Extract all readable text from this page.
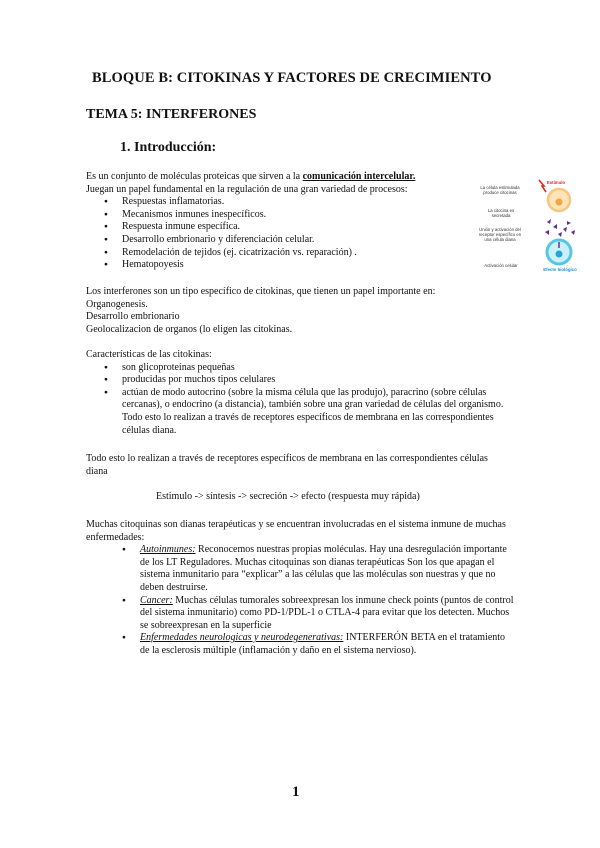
BLOQUE B: CITOKINAS Y FACTORES DE CRECIMIENTO
TEMA 5: INTERFERONES
1. Introducción:
Es un conjunto de moléculas proteicas que sirven a la comunicación intercelular.
Juegan un papel fundamental en la regulación de una gran variedad de procesos:
● Respuestas inflamatorias.
● Mecanismos inmunes inespecíficos.
● Respuesta inmune específica.
● Desarrollo embrionario y diferenciación celular.
● Remodelación de tejidos (ej. cicatrización vs. reparación) .
● Hematopoyesis
La célula estimulada produce citocinas
La citocina es secretada
Unión y activación del receptor específico en una célula diana
Activación celular
Estímulo
Efecto biológico
Los interferones son un tipo específico de citokinas, que tienen un papel importante en:
Organogenesis.
Desarrollo embrionario
Geolocalizacion de organos (lo eligen las citokinas.
Características de las citokinas:
● son glicoproteínas pequeñas
● producidas por muchos tipos celulares
● actúan de modo autocrino (sobre la misma célula que las produjo), paracrino (sobre células cercanas), o endocrino (a distancia), también sobre una gran variedad de células del organismo. Todo esto lo realizan a través de receptores específicos de membrana en las correspondientes células diana.
Todo esto lo realizan a través de receptores específicos de membrana en las correspondientes células diana
Estimulo -> síntesis -> secreción -> efecto (respuesta muy rápida)
Muchas citoquinas son dianas terapéuticas y se encuentran involucradas en el sistema inmune de muchas enfermedades:
● Autoinmunes: Reconocemos nuestras propias moléculas. Hay una desregulación importante de los LT Reguladores. Muchas citoquinas son dianas terapéuticas Son los que apagan el sistema inmunitario para “explicar” a las células que las moléculas son nuestras y que no deben destruirse.
● Cancer: Muchas células tumorales sobreexpresan los inmune check points (puntos de control del sistema inmunitario) como PD-1/PDL-1 o CTLA-4 para evitar que los detecten. Muchos se sobreexpresan en la superficie
● Enfermedades neurologicas y neurodegenerativas: INTERFERÓN BETA en el tratamiento de la esclerosis múltiple (inflamación y daño en el sistema nervioso).
1
